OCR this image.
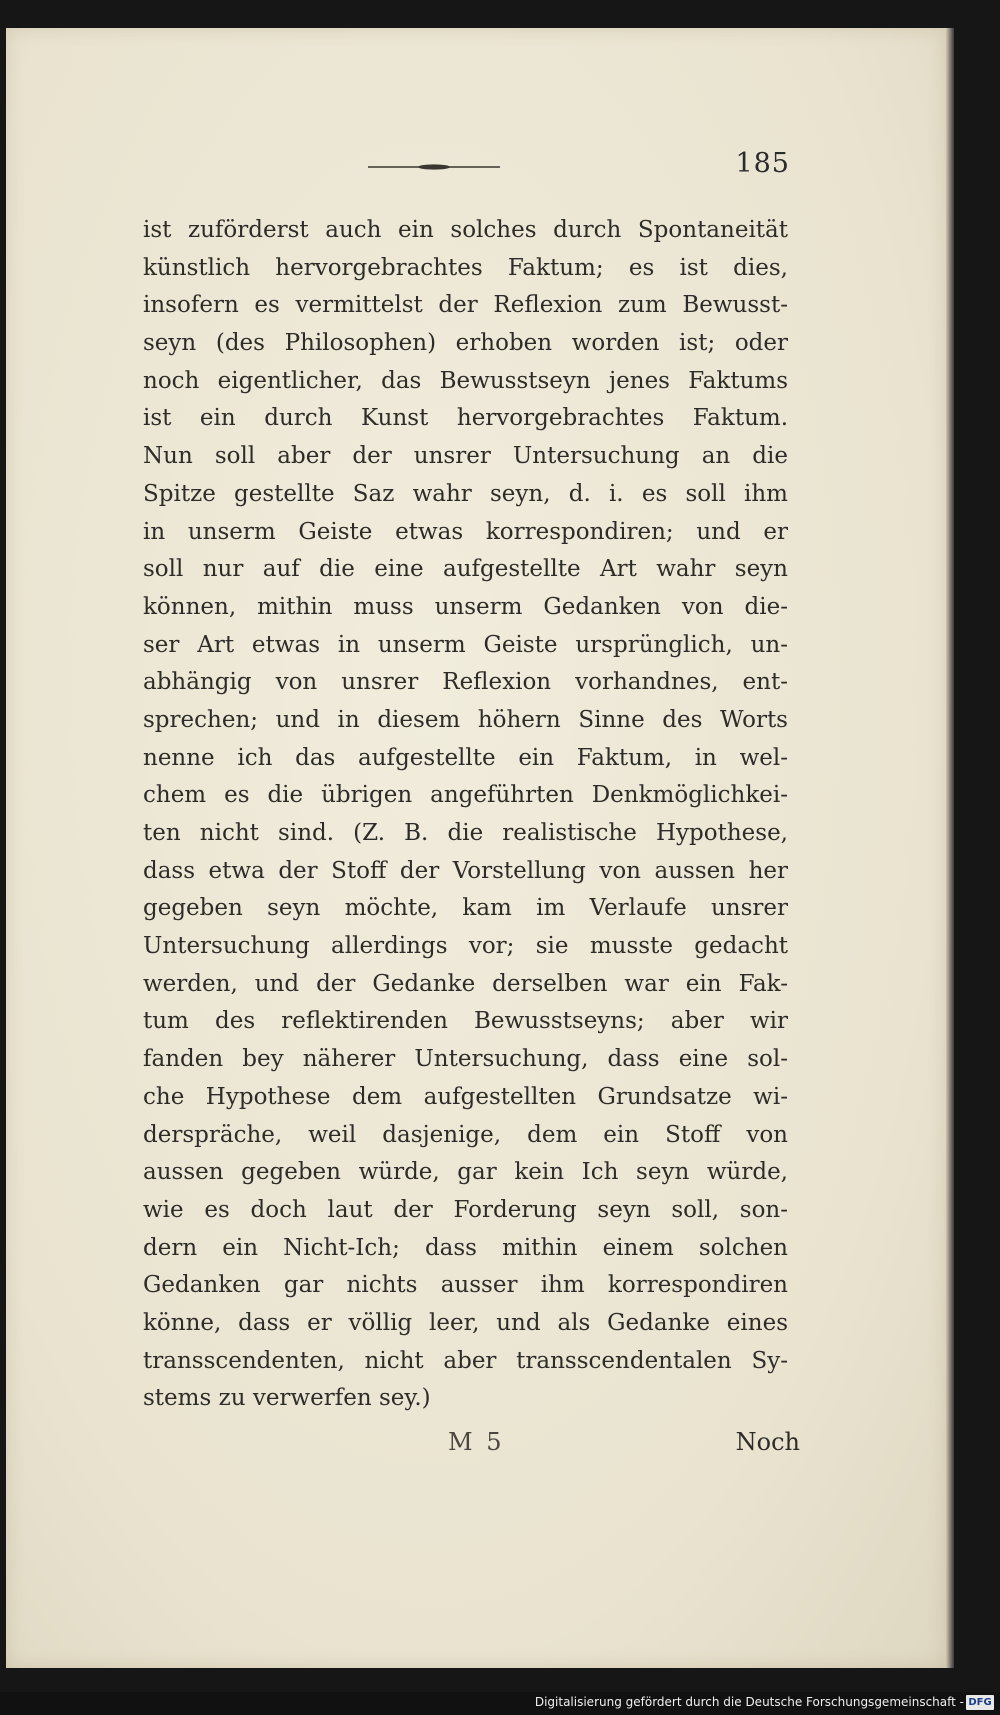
185
ist zuförderst auch ein solches durch Spontaneität
künstlich hervorgebrachtes Faktum; es ist dies,
insofern es vermittelst der Reflexion zum Bewusst-
seyn (des Philosophen) erhoben worden ist; oder
noch eigentlicher, das Bewusstseyn jenes Faktums
ist ein durch Kunst hervorgebrachtes Faktum.
Nun soll aber der unsrer Untersuchung an die
Spitze gestellte Saz wahr seyn, d. i. es soll ihm
in unserm Geiste etwas korrespondiren; und er
soll nur auf die eine aufgestellte Art wahr seyn
können, mithin muss unserm Gedanken von die-
ser Art etwas in unserm Geiste ursprünglich, un-
abhängig von unsrer Reflexion vorhandnes, ent-
sprechen; und in diesem höhern Sinne des Worts
nenne ich das aufgestellte ein Faktum, in wel-
chem es die übrigen angeführten Denkmöglichkei-
ten nicht sind. (Z. B. die realistische Hypothese,
dass etwa der Stoff der Vorstellung von aussen her
gegeben seyn möchte, kam im Verlaufe unsrer
Untersuchung allerdings vor; sie musste gedacht
werden, und der Gedanke derselben war ein Fak-
tum des reflektirenden Bewusstseyns; aber wir
fanden bey näherer Untersuchung, dass eine sol-
che Hypothese dem aufgestellten Grundsatze wi-
derspräche, weil dasjenige, dem ein Stoff von
aussen gegeben würde, gar kein Ich seyn würde,
wie es doch laut der Forderung seyn soll, son-
dern ein Nicht-Ich; dass mithin einem solchen
Gedanken gar nichts ausser ihm korrespondiren
könne, dass er völlig leer, und als Gedanke eines
transscendenten, nicht aber transscendentalen Sy-
stems zu verwerfen sey.)
M 5	Noch
Digitalisierung gefördert durch die Deutsche Forschungsgemeinschaft - DFG
